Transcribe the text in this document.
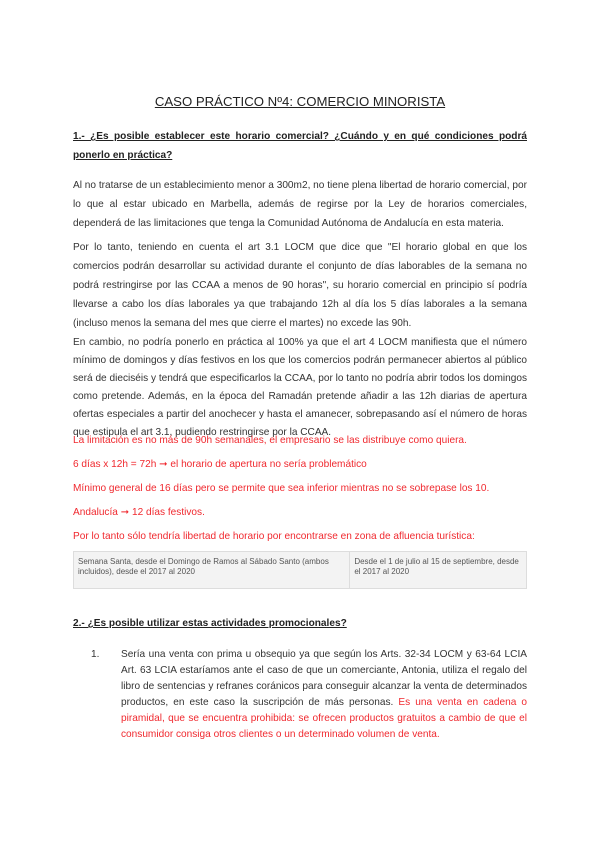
CASO PRÁCTICO Nº4: COMERCIO MINORISTA
1.- ¿Es posible establecer este horario comercial? ¿Cuándo y en qué condiciones podrá ponerlo en práctica?
Al no tratarse de un establecimiento menor a 300m2, no tiene plena libertad de horario comercial, por lo que al estar ubicado en Marbella, además de regirse por la Ley de horarios comerciales, dependerá de las limitaciones que tenga la Comunidad Autónoma de Andalucía en esta materia.
Por lo tanto, teniendo en cuenta el art 3.1 LOCM que dice que "El horario global en que los comercios podrán desarrollar su actividad durante el conjunto de días laborables de la semana no podrá restringirse por las CCAA a menos de 90 horas", su horario comercial en principio sí podría llevarse a cabo los días laborales ya que trabajando 12h al día los 5 días laborales a la semana (incluso menos la semana del mes que cierre el martes) no excede las 90h.
En cambio, no podría ponerlo en práctica al 100% ya que el art 4 LOCM manifiesta que el número mínimo de domingos y días festivos en los que los comercios podrán permanecer abiertos al público será de dieciséis y tendrá que especificarlos la CCAA, por lo tanto no podría abrir todos los domingos como pretende. Además, en la época del Ramadán pretende añadir a las 12h diarias de apertura ofertas especiales a partir del anochecer y hasta el amanecer, sobrepasando así el número de horas que estipula el art 3.1, pudiendo restringirse por la CCAA.
La limitación es no más de 90h semanales, el empresario se las distribuye como quiera.
6 días x 12h = 72h ➞ el horario de apertura no sería problemático
Mínimo general de 16 días pero se permite que sea inferior mientras no se sobrepase los 10.
Andalucía ➞ 12 días festivos.
Por lo tanto sólo tendría libertad de horario por encontrarse en zona de afluencia turística:
Semana Santa, desde el Domingo de Ramos al Sábado Santo (ambos incluidos), desde el 2017 al 2020	Desde el 1 de julio al 15 de septiembre, desde el 2017 al 2020
2.- ¿Es posible utilizar estas actividades promocionales?
1. Sería una venta con prima u obsequio ya que según los Arts. 32-34 LOCM y 63-64 LCIA Art. 63 LCIA estaríamos ante el caso de que un comerciante, Antonia, utiliza el regalo del libro de sentencias y refranes coránicos para conseguir alcanzar la venta de determinados productos, en este caso la suscripción de más personas. Es una venta en cadena o piramidal, que se encuentra prohibida: se ofrecen productos gratuitos a cambio de que el consumidor consiga otros clientes o un determinado volumen de venta.
